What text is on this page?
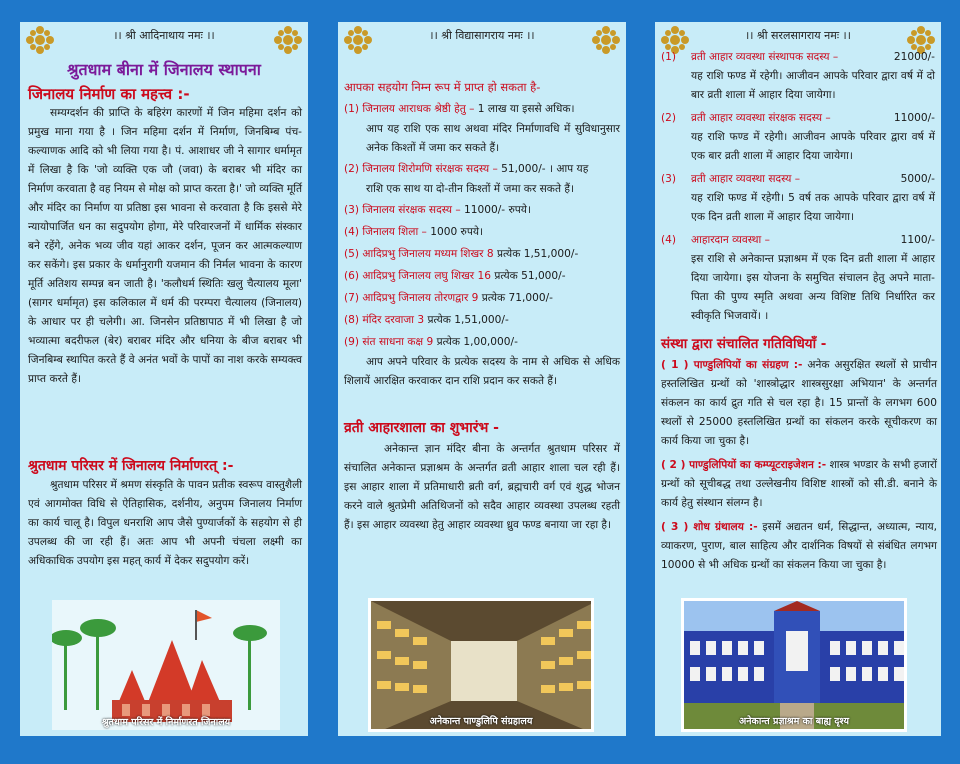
।। श्री आदिनाथाय नमः ।।
श्रुतधाम बीना में जिनालय स्थापना
जिनालय निर्माण का महत्त्व :-

सम्यग्दर्शन की प्राप्ति के बहिरंग कारणों में जिन महिमा दर्शन को प्रमुख माना गया है । जिन महिमा दर्शन में निर्माण, जिनबिम्ब पंच-कल्याणक आदि को भी लिया गया है। पं. आशाधर जी ने सागार धर्मामृत में लिखा है कि 'जो व्यक्ति एक जौ (जवा) के बराबर भी मंदिर का निर्माण करवाता है वह नियम से मोक्ष को प्राप्त करता है।' जो व्यक्ति मूर्ति और मंदिर का निर्माण या प्रतिष्ठा इस भावना से करवाता है कि इससे मेरे न्यायोपार्जित धन का सदुपयोग होगा, मेरे परिवारजनों में धार्मिक संस्कार बने रहेंगे, अनेक भव्य जीव यहां आकर दर्शन, पूजन कर आत्मकल्याण कर सकेंगे। इस प्रकार के धर्मानुरागी यजमान की निर्मल भावना के कारण मूर्ति अतिशय सम्पन्न बन जाती है। 'कलौधर्म स्थितिः खलु चैत्यालय मूला' (सागर धर्मामृत) इस कलिकाल में धर्म की परम्परा चैत्यालय (जिनालय) के आधार पर ही चलेगी। आ. जिनसेन प्रतिष्ठापाठ में भी लिखा है जो भव्यात्मा बदरीफल (बेर) बराबर मंदिर और धनिया के बीज बराबर भी जिनबिम्ब स्थापित करते हैं वे अनंत भवों के पापों का नाश करके सम्यक्त्व प्राप्त करते हैं।

श्रुतधाम परिसर में जिनालय निर्माणरत् :-

श्रुतधाम परिसर में श्रमण संस्कृति के पावन प्रतीक स्वरूप वास्तुशैली एवं आगमोक्त विधि से ऐतिहासिक, दर्शनीय, अनुपम जिनालय निर्माण का कार्य चालू है। विपुल धनराशि आप जैसे पुण्यार्जकों के सहयोग से ही उपलब्ध की जा रही हैं। अतः आप भी अपनी चंचला लक्ष्मी का अधिकाधिक उपयोग इस महत् कार्य में देकर सदुपयोग करें।

श्रुतधाम परिसर में निर्माणरत जिनालय
।। श्री विद्यासागराय नमः ।।
आपका सहयोग निम्न रूप में प्राप्त हो सकता है-
(1) जिनालय आराधक श्रेष्ठी हेतु – 1 लाख या इससे अधिक।

आप यह राशि एक साथ अथवा मंदिर निर्माणावधि में सुविधानुसार अनेक किश्तों में जमा कर सकते हैं।

(2) जिनालय शिरोमणि संरक्षक सदस्य – 51,000/- । आप यह

राशि एक साथ या दो-तीन किश्तों में जमा कर सकते हैं।

(3) जिनालय संरक्षक सदस्य – 11000/- रुपये।
(4) जिनालय शिला – 1000 रुपये।
(5) आदिप्रभु जिनालय मध्यम शिखर 8 प्रत्येक 1,51,000/-
(6) आदिप्रभु जिनालय लघु शिखर 16 प्रत्येक 51,000/-
(7) आदिप्रभु जिनालय तोरणद्वार 9 प्रत्येक 71,000/-
(8) मंदिर दरवाजा 3 प्रत्येक 1,51,000/-
(9) संत साधना कक्ष 9 प्रत्येक 1,00,000/-

आप अपने परिवार के प्रत्येक सदस्य के नाम से अधिक से अधिक शिलायें आरक्षित करवाकर दान राशि प्रदान कर सकते हैं।

व्रती आहारशाला का शुभारंभ -

अनेकान्त ज्ञान मंदिर बीना के अन्तर्गत श्रुतधाम परिसर में संचालित अनेकान्त प्रज्ञाश्रम के अन्तर्गत व्रती आहार शाला चल रही हैं। इस आहार शाला में प्रतिमाधारी ब्रती वर्ग, ब्रह्मचारी वर्ग एवं शुद्ध भोजन करने वाले श्रुतप्रेमी अतिथिजनों को सदैव आहार व्यवस्था उपलब्ध रहती हैं। इस आहार व्यवस्था हेतु आहार व्यवस्था ध्रुव फण्ड बनाया जा रहा है।

अनेकान्त पाण्डुलिपि संग्रहालय
।। श्री सरलसागराय नमः ।।
(1)	व्रती आहार व्यवस्था संस्थापक सदस्य –	21000/-

यह राशि फण्ड में रहेगी। आजीवन आपके परिवार द्वारा वर्ष में दो बार व्रती शाला में आहार दिया जायेगा।

(2)	व्रती आहार व्यवस्था संरक्षक सदस्य –	11000/-

यह राशि फण्ड में रहेगी। आजीवन आपके परिवार द्वारा वर्ष में एक बार व्रती शाला में आहार दिया जायेगा।

(3)	व्रती आहार व्यवस्था सदस्य –	5000/-

यह राशि फण्ड में रहेगी। 5 वर्ष तक आपके परिवार द्वारा वर्ष में एक दिन व्रती शाला में आहार दिया जायेगा।

(4)	आहारदान व्यवस्था –	1100/-

इस राशि से अनेकान्त प्रज्ञाश्रम में एक दिन व्रती शाला में आहार दिया जायेगा। इस योजना के समुचित संचालन हेतु अपने माता-पिता की पुण्य स्मृति अथवा अन्य विशिष्ट तिथि निर्धारित कर स्वीकृति भिजवायें। ।

संस्था द्वारा संचालित गतिविधियाँ -

( 1 ) पाण्डुलिपियों का संग्रहण :- अनेक असुरक्षित स्थलों से प्राचीन हस्तलिखित ग्रन्थों को 'शास्त्रोद्धार शास्त्रसुरक्षा अभियान' के अन्तर्गत संकलन का कार्य द्रुत गति से चल रहा है। 15 प्रान्तों के लगभग 600 स्थलों से 25000 हस्तलिखित ग्रन्थों का संकलन करके सूचीकरण का कार्य किया जा चुका है।

( 2 ) पाण्डुलिपियों का कम्प्यूटराइजेशन :- शास्त्र भण्डार के सभी हजारों ग्रन्थों को सूचीबद्ध तथा उल्लेखनीय विशिष्ट शास्त्रों को सी.डी. बनाने के कार्य हेतु संस्थान संलग्न है।

( 3 ) शोध ग्रंथालय :- इसमें अद्यतन धर्म, सिद्धान्त, अध्यात्म, न्याय, व्याकरण, पुराण, बाल साहित्य और दार्शनिक विषयों से संबंधित लगभग 10000 से भी अधिक ग्रन्थों का संकलन किया जा चुका है।

अनेकान्त प्रज्ञाश्रम का बाह्य दृश्य
